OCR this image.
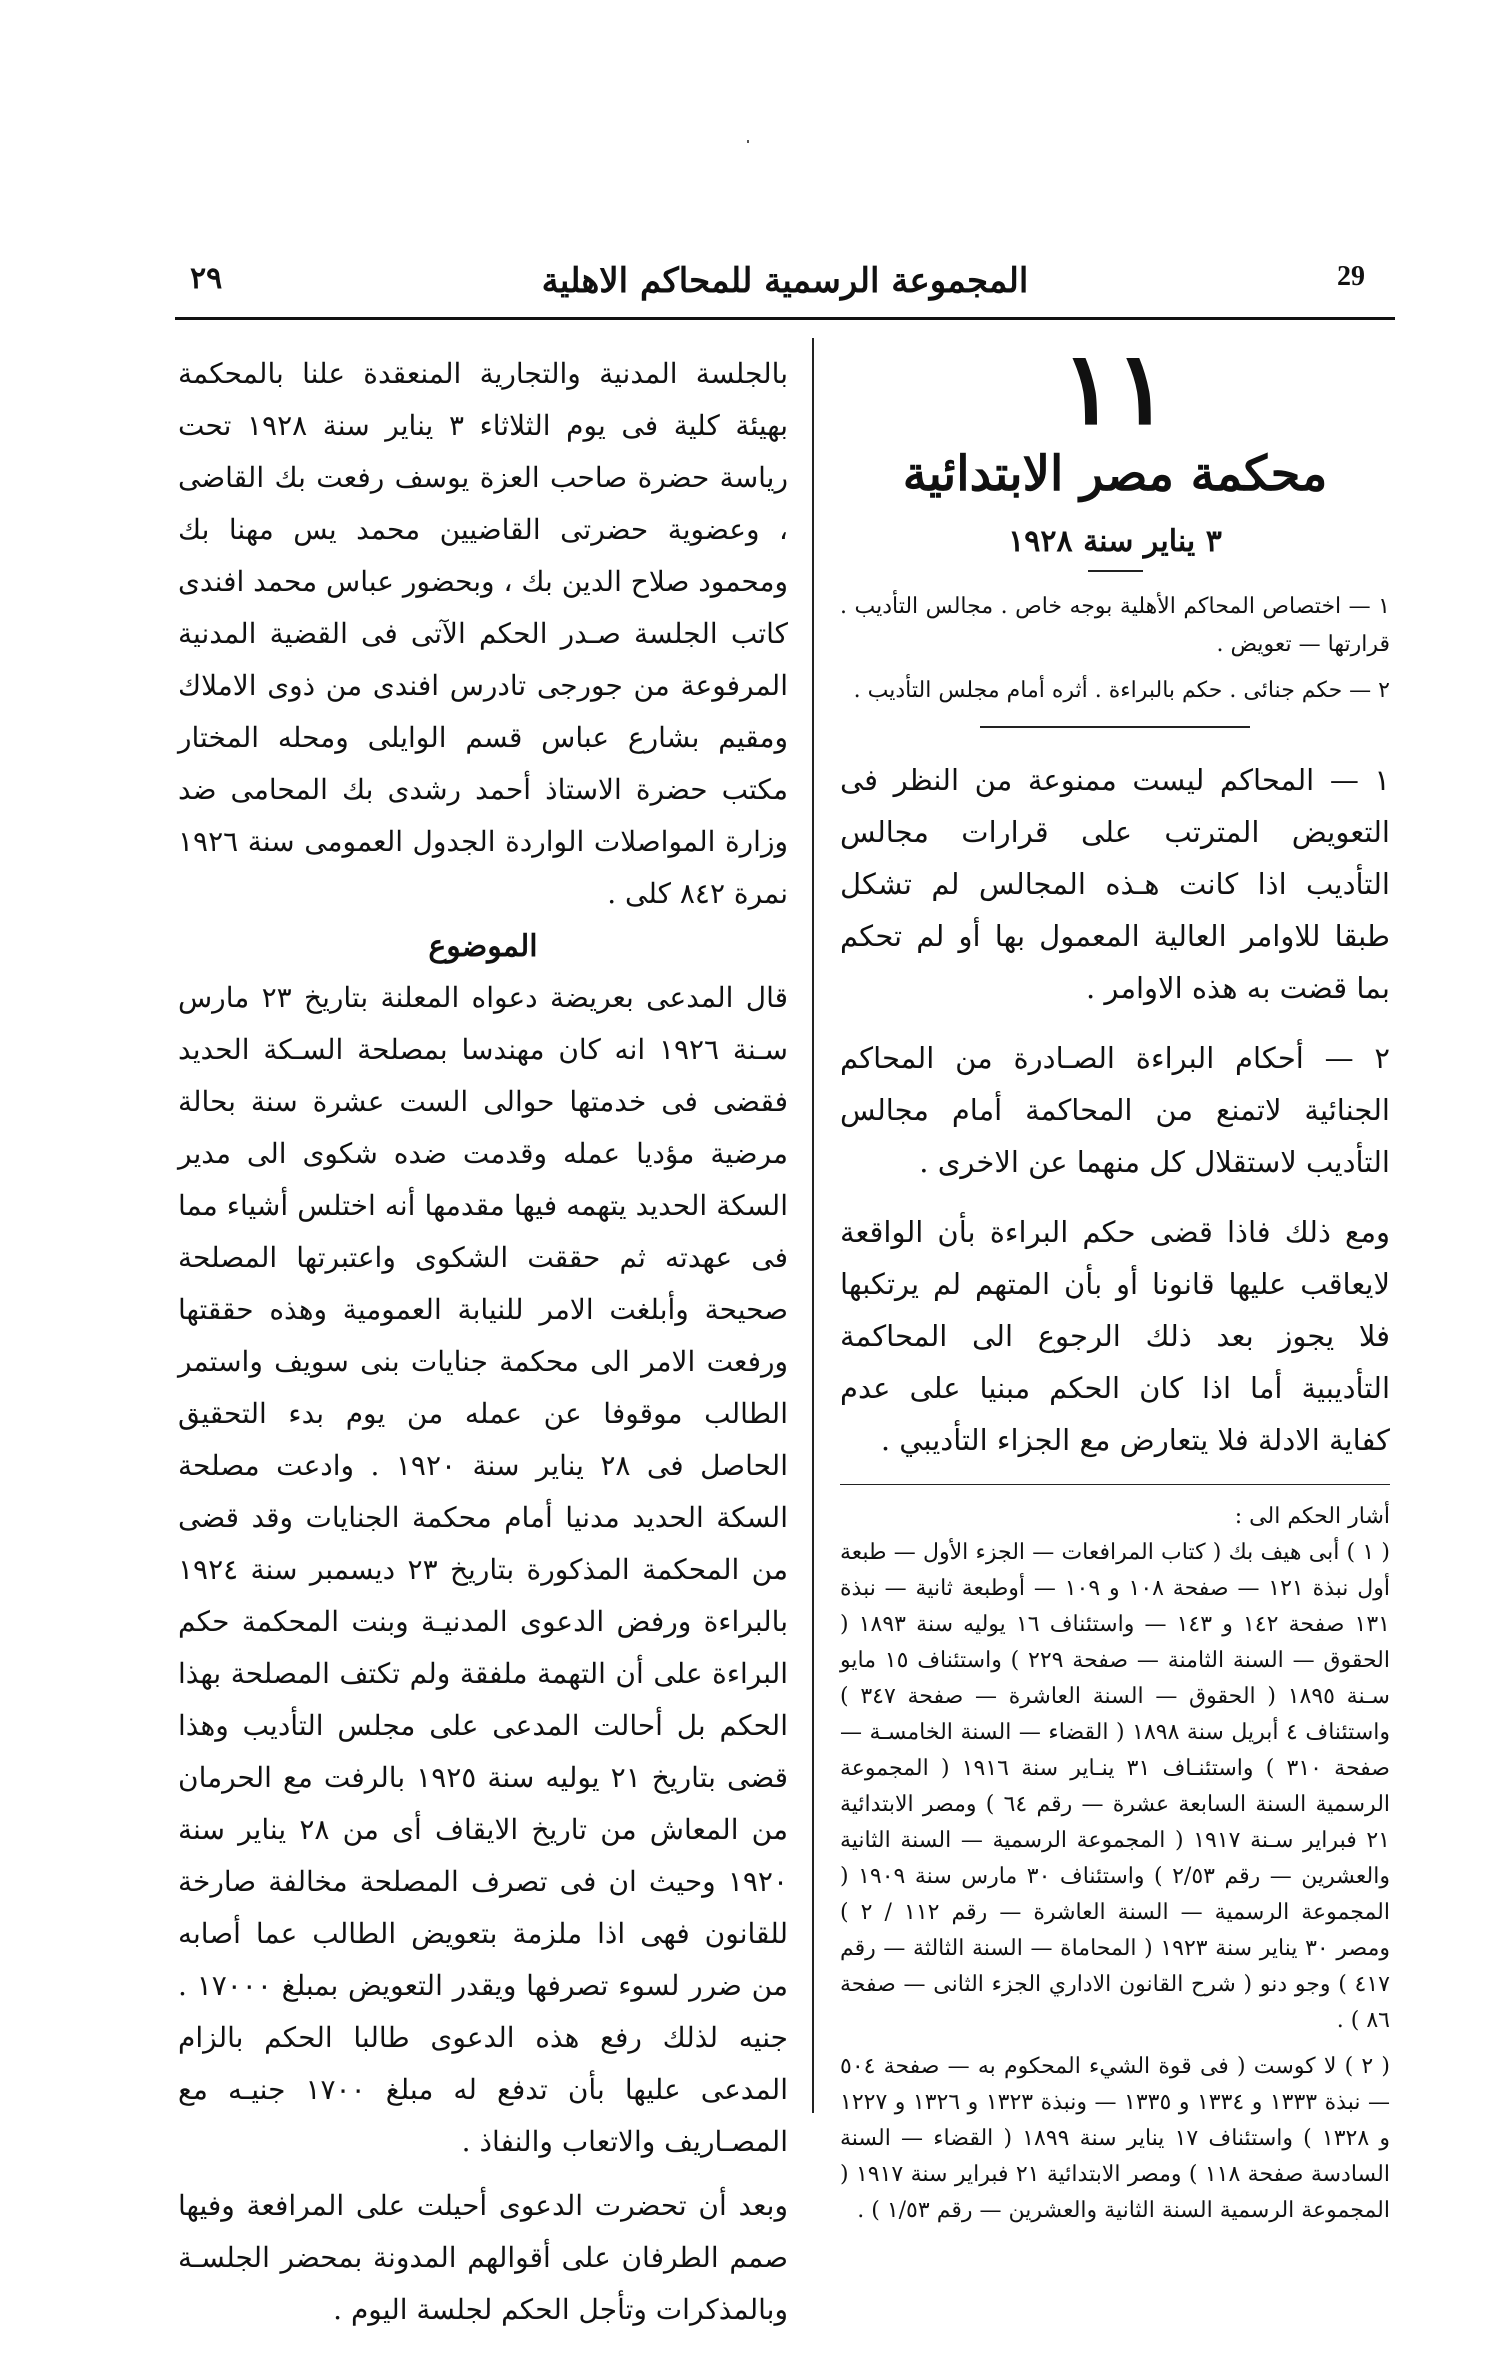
٢٩	المجموعة الرسمية للمحاكم الاهلية	29

١١

محكمة مصر الابتدائية

٣ يناير سنة ١٩٢٨

١ — اختصاص المحاكم الأهلية بوجه خاص . مجالس التأديب . قرارتها — تعويض .

٢ — حكم جنائى . حكم بالبراءة . أثره أمام مجلس التأديب .

١ — المحاكم ليست ممنوعة من النظر فى التعويض المترتب على قرارات مجالس التأديب اذا كانت هـذه المجالس لم تشكل طبقا للاوامر العالية المعمول بها أو لم تحكم بما قضت به هذه الاوامر .

٢ — أحكام البراءة الصـادرة من المحاكم الجنائية لاتمنع من المحاكمة أمام مجالس التأديب لاستقلال كل منهما عن الاخرى .

ومع ذلك فاذا قضى حكم البراءة بأن الواقعة لايعاقب عليها قانونا أو بأن المتهم لم يرتكبها فلا يجوز بعد ذلك الرجوع الى المحاكمة التأديبية أما اذا كان الحكم مبنيا على عدم كفاية الادلة فلا يتعارض مع الجزاء التأديبي .

أشار الحكم الى :

( ١ ) أبى هيف بك ( كتاب المرافعات — الجزء الأول — طبعة أول نبذة ١٢١ — صفحة ١٠٨ و ١٠٩ — أوطبعة ثانية — نبذة ١٣١ صفحة ١٤٢ و ١٤٣ — واستئناف ١٦ يوليه سنة ١٨٩٣ ( الحقوق — السنة الثامنة — صفحة ٢٢٩ ) واستئناف ١٥ مايو سـنة ١٨٩٥ ( الحقوق — السنة العاشرة — صفحة ٣٤٧ ) واستئناف ٤ أبريل سنة ١٨٩٨ ( القضاء — السنة الخامسـة — صفحة ٣١٠ ) واستئنـاف ٣١ ينـاير سنة ١٩١٦ ( المجموعة الرسمية السنة السابعة عشرة — رقم ٦٤ ) ومصر الابتدائية ٢١ فبراير سـنة ١٩١٧ ( المجموعة الرسمية — السنة الثانية والعشرين — رقم ٢/٥٣ ) واستئناف ٣٠ مارس سنة ١٩٠٩ ( المجموعة الرسمية — السنة العاشرة — رقم ١١٢ / ٢ ) ومصر ٣٠ يناير سنة ١٩٢٣ ( المحاماة — السنة الثالثة — رقم ٤١٧ ) وجو دنو ( شرح القانون الاداري الجزء الثانى — صفحة ٨٦ ) .

( ٢ ) لا كوست ( فى قوة الشيء المحكوم به — صفحة ٥٠٤ — نبذة ١٣٣٣ و ١٣٣٤ و ١٣٣٥ — ونبذة ١٣٢٣ و ١٣٢٦ و ١٢٢٧ و ١٣٢٨ ) واستئناف ١٧ يناير سنة ١٨٩٩ ( القضاء — السنة السادسة صفحة ١١٨ ) ومصر الابتدائية ٢١ فبراير سنة ١٩١٧ ( المجموعة الرسمية السنة الثانية والعشرين — رقم ١/٥٣ ) .

بالجلسة المدنية والتجارية المنعقدة علنا بالمحكمة بهيئة كلية فى يوم الثلاثاء ٣ يناير سنة ١٩٢٨ تحت رياسة حضرة صاحب العزة يوسف رفعت بك القاضى ، وعضوية حضرتى القاضيين محمد يس مهنا بك ومحمود صلاح الدين بك ، وبحضور عباس محمد افندى كاتب الجلسة صـدر الحكم الآتى فى القضية المدنية المرفوعة من جورجى تادرس افندى من ذوى الاملاك ومقيم بشارع عباس قسم الوايلى ومحله المختار مكتب حضرة الاستاذ أحمد رشدى بك المحامى ضد وزارة المواصلات الواردة الجدول العمومى سنة ١٩٢٦ نمرة ٨٤٢ كلى .

الموضوع

قال المدعى بعريضة دعواه المعلنة بتاريخ ٢٣ مارس سـنة ١٩٢٦ انه كان مهندسا بمصلحة السـكة الحديد فقضى فى خدمتها حوالى الست عشرة سنة بحالة مرضية مؤديا عمله وقدمت ضده شكوى الى مدير السكة الحديد يتهمه فيها مقدمها أنه اختلس أشياء مما فى عهدته ثم حققت الشكوى واعتبرتها المصلحة صحيحة وأبلغت الامر للنيابة العمومية وهذه حققتها ورفعت الامر الى محكمة جنايات بنى سويف واستمر الطالب موقوفا عن عمله من يوم بدء التحقيق الحاصل فى ٢٨ يناير سنة ١٩٢٠ . وادعت مصلحة السكة الحديد مدنيا أمام محكمة الجنايات وقد قضى من المحكمة المذكورة بتاريخ ٢٣ ديسمبر سنة ١٩٢٤ بالبراءة ورفض الدعوى المدنيـة وبنت المحكمة حكم البراءة على أن التهمة ملفقة ولم تكتف المصلحة بهذا الحكم بل أحالت المدعى على مجلس التأديب وهذا قضى بتاريخ ٢١ يوليه سنة ١٩٢٥ بالرفت مع الحرمان من المعاش من تاريخ الايقاف أى من ٢٨ يناير سنة ١٩٢٠ وحيث ان فى تصرف المصلحة مخالفة صارخة للقانون فهى اذا ملزمة بتعويض الطالب عما أصابه من ضرر لسوء تصرفها ويقدر التعويض بمبلغ ١٧٠٠٠ . جنيه لذلك رفع هذه الدعوى طالبا الحكم بالزام المدعى عليها بأن تدفع له مبلغ ١٧٠٠ جنيـه مع المصـاريف والاتعاب والنفاذ .

وبعد أن تحضرت الدعوى أحيلت على المرافعة وفيها صمم الطرفان على أقوالهم المدونة بمحضر الجلسـة وبالمذكرات وتأجل الحكم لجلسة اليوم .
